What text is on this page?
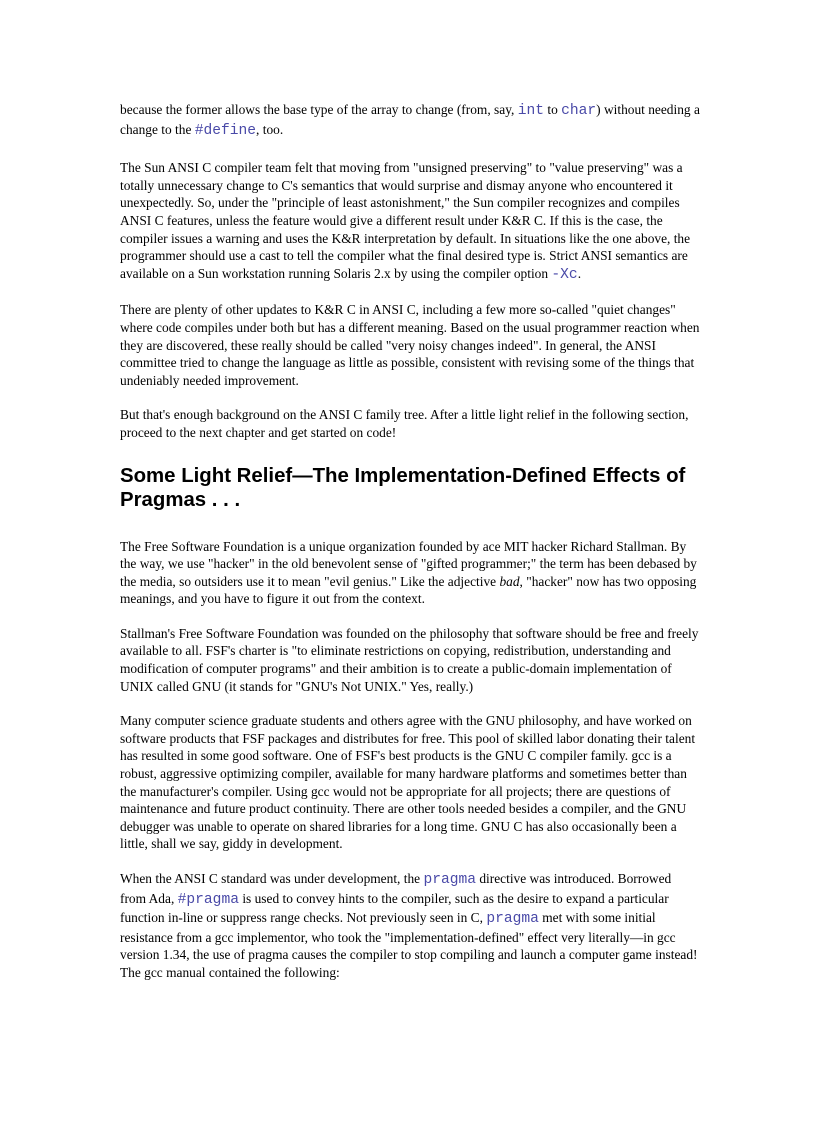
because the former allows the base type of the array to change (from, say, int to char) without needing a change to the #define, too.

The Sun ANSI C compiler team felt that moving from "unsigned preserving" to "value preserving" was a totally unnecessary change to C's semantics that would surprise and dismay anyone who encountered it unexpectedly. So, under the "principle of least astonishment," the Sun compiler recognizes and compiles ANSI C features, unless the feature would give a different result under K&R C. If this is the case, the compiler issues a warning and uses the K&R interpretation by default. In situations like the one above, the programmer should use a cast to tell the compiler what the final desired type is. Strict ANSI semantics are available on a Sun workstation running Solaris 2.x by using the compiler option -Xc.

There are plenty of other updates to K&R C in ANSI C, including a few more so-called "quiet changes" where code compiles under both but has a different meaning. Based on the usual programmer reaction when they are discovered, these really should be called "very noisy changes indeed". In general, the ANSI committee tried to change the language as little as possible, consistent with revising some of the things that undeniably needed improvement.

But that's enough background on the ANSI C family tree. After a little light relief in the following section, proceed to the next chapter and get started on code!

Some Light Relief—The Implementation-Defined Effects of Pragmas . . .

The Free Software Foundation is a unique organization founded by ace MIT hacker Richard Stallman. By the way, we use "hacker" in the old benevolent sense of "gifted programmer;" the term has been debased by the media, so outsiders use it to mean "evil genius." Like the adjective bad, "hacker" now has two opposing meanings, and you have to figure it out from the context.

Stallman's Free Software Foundation was founded on the philosophy that software should be free and freely available to all. FSF's charter is "to eliminate restrictions on copying, redistribution, understanding and modification of computer programs" and their ambition is to create a public-domain implementation of UNIX called GNU (it stands for "GNU's Not UNIX." Yes, really.)

Many computer science graduate students and others agree with the GNU philosophy, and have worked on software products that FSF packages and distributes for free. This pool of skilled labor donating their talent has resulted in some good software. One of FSF's best products is the GNU C compiler family. gcc is a robust, aggressive optimizing compiler, available for many hardware platforms and sometimes better than the manufacturer's compiler. Using gcc would not be appropriate for all projects; there are questions of maintenance and future product continuity. There are other tools needed besides a compiler, and the GNU debugger was unable to operate on shared libraries for a long time. GNU C has also occasionally been a little, shall we say, giddy in development.

When the ANSI C standard was under development, the pragma directive was introduced. Borrowed from Ada, #pragma is used to convey hints to the compiler, such as the desire to expand a particular function in-line or suppress range checks. Not previously seen in C, pragma met with some initial resistance from a gcc implementor, who took the "implementation-defined" effect very literally—in gcc version 1.34, the use of pragma causes the compiler to stop compiling and launch a computer game instead! The gcc manual contained the following:
